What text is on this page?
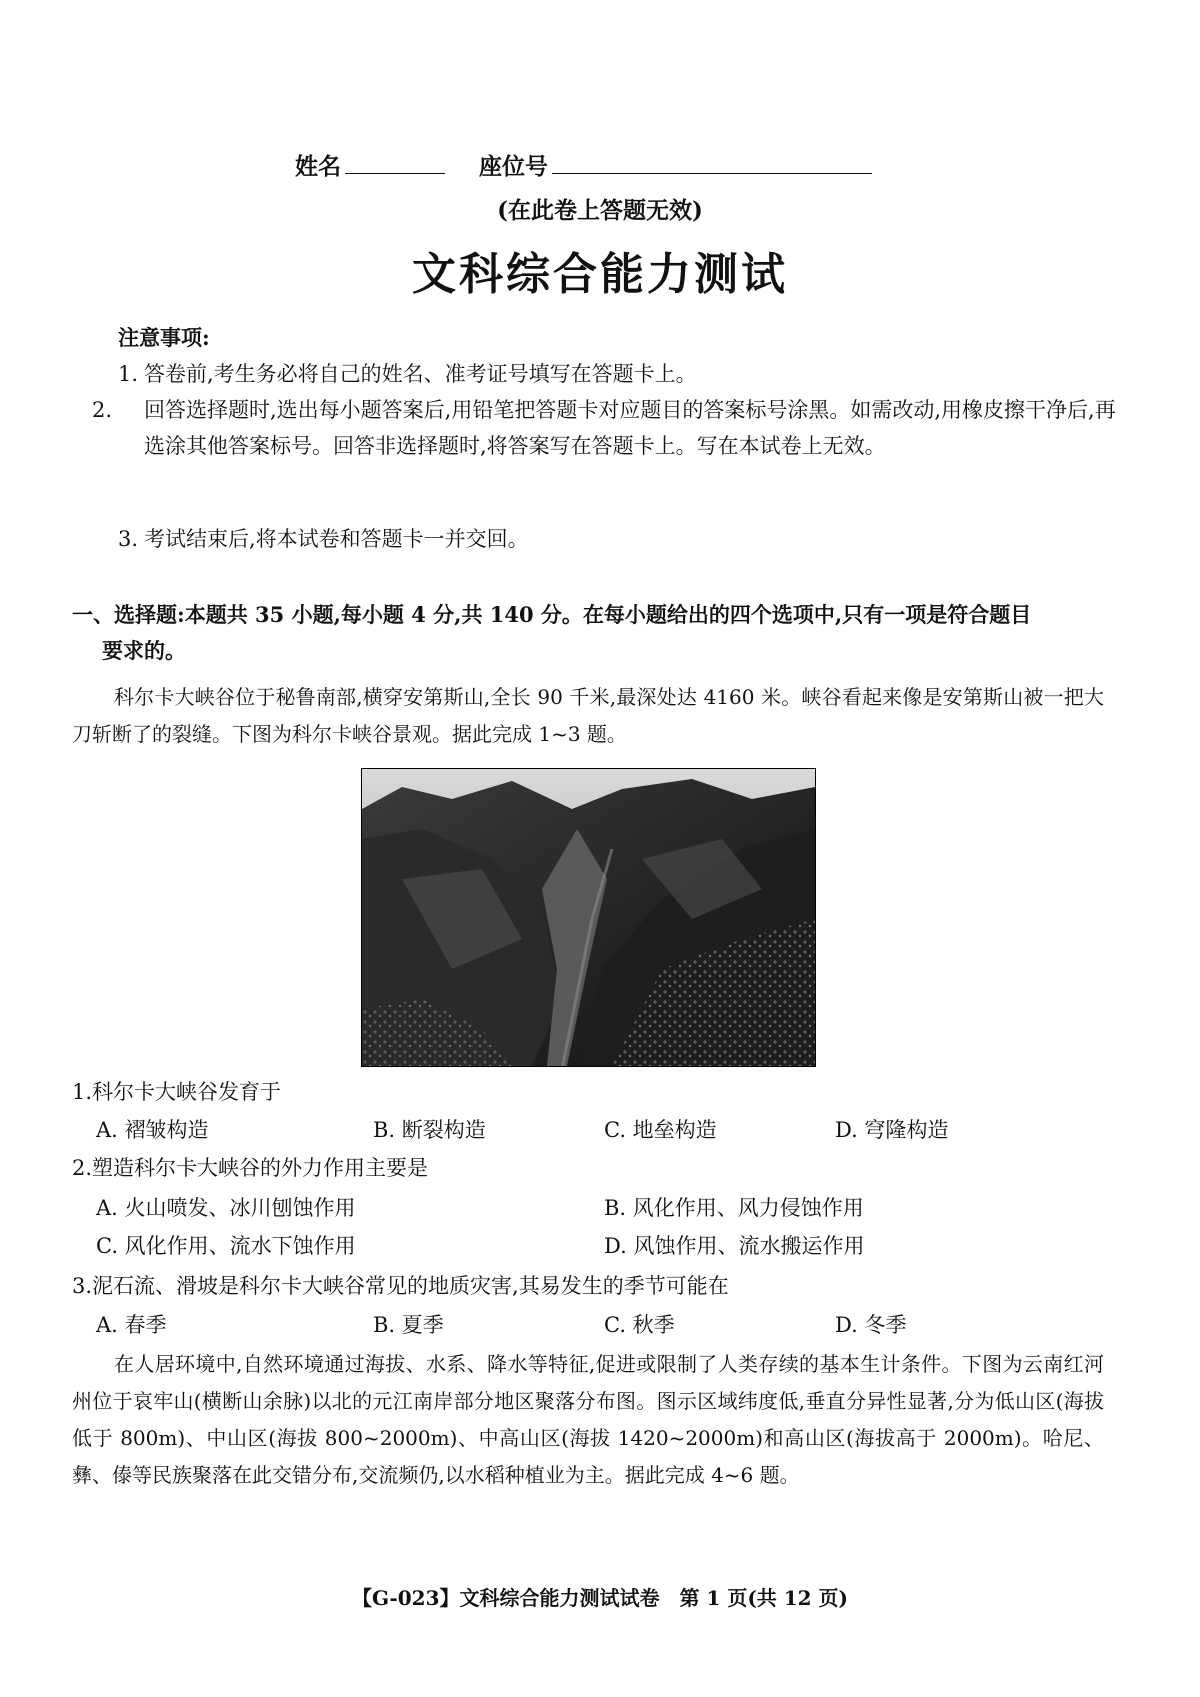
姓名	座位号
(在此卷上答题无效)
文科综合能力测试
注意事项:
1. 答卷前,考生务必将自己的姓名、准考证号填写在答题卡上。
2. 回答选择题时,选出每小题答案后,用铅笔把答题卡对应题目的答案标号涂黑。如需改动,用橡皮擦干净后,再选涂其他答案标号。回答非选择题时,将答案写在答题卡上。写在本试卷上无效。
3. 考试结束后,将本试卷和答题卡一并交回。
一、选择题:本题共 35 小题,每小题 4 分,共 140 分。在每小题给出的四个选项中,只有一项是符合题目
要求的。
科尔卡大峡谷位于秘鲁南部,横穿安第斯山,全长 90 千米,最深处达 4160 米。峡谷看起来像是安第斯山被一把大刀斩断了的裂缝。下图为科尔卡峡谷景观。据此完成 1~3 题。
1.科尔卡大峡谷发育于
A. 褶皱构造	B. 断裂构造	C. 地垒构造	D. 穹隆构造
2.塑造科尔卡大峡谷的外力作用主要是
A. 火山喷发、冰川刨蚀作用	B. 风化作用、风力侵蚀作用
C. 风化作用、流水下蚀作用	D. 风蚀作用、流水搬运作用
3.泥石流、滑坡是科尔卡大峡谷常见的地质灾害,其易发生的季节可能在
A. 春季	B. 夏季	C. 秋季	D. 冬季
在人居环境中,自然环境通过海拔、水系、降水等特征,促进或限制了人类存续的基本生计条件。下图为云南红河州位于哀牢山(横断山余脉)以北的元江南岸部分地区聚落分布图。图示区域纬度低,垂直分异性显著,分为低山区(海拔低于 800m)、中山区(海拔 800~2000m)、中高山区(海拔 1420~2000m)和高山区(海拔高于 2000m)。哈尼、彝、傣等民族聚落在此交错分布,交流频仍,以水稻种植业为主。据此完成 4~6 题。
【G-023】文科综合能力测试试卷　第 1 页(共 12 页)
